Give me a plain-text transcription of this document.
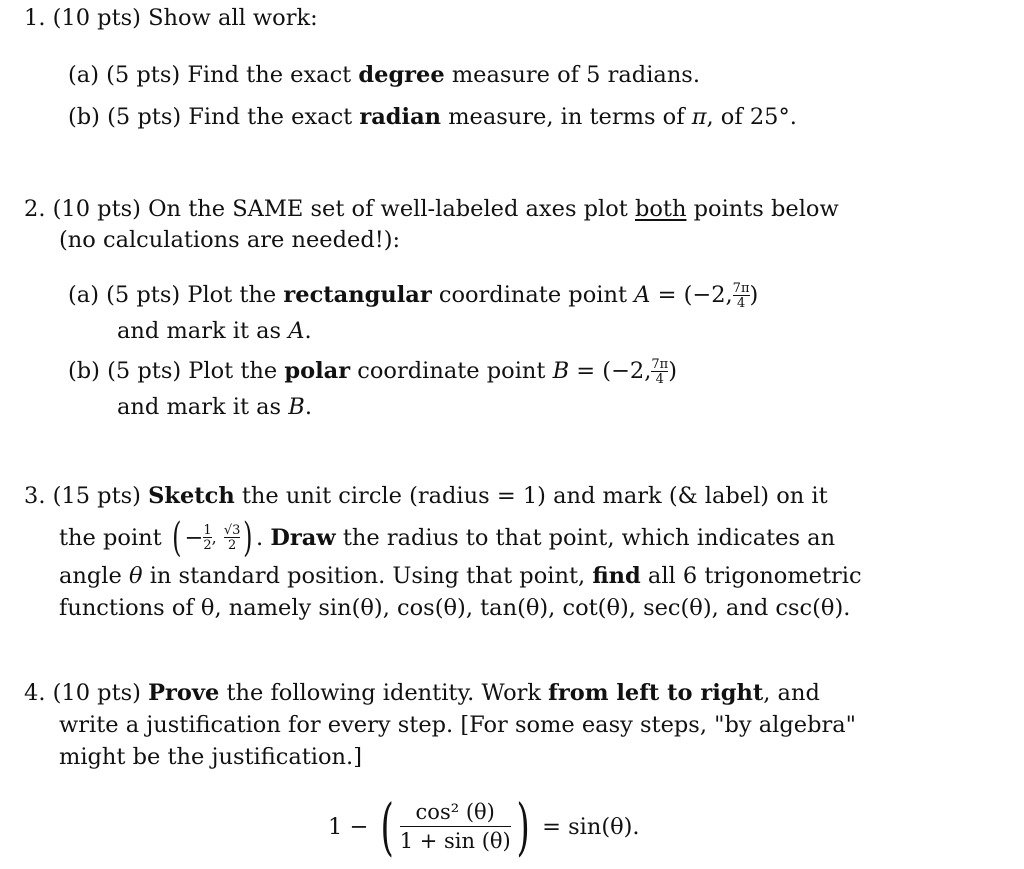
1. (10 pts) Show all work:
(a) (5 pts) Find the exact degree measure of 5 radians.
(b) (5 pts) Find the exact radian measure, in terms of π, of 25°.
2. (10 pts) On the SAME set of well-labeled axes plot both points below
(no calculations are needed!):
(a) (5 pts) Plot the rectangular coordinate point A = (−2, $\frac{7\pi}{4}$ )
and mark it as A.
(b) (5 pts) Plot the polar coordinate point B = (−2, $\frac{7\pi}{4}$ )
and mark it as B.
3. (15 pts) Sketch the unit circle (radius = 1) and mark (& label) on it
the point ( − $\frac{1}{2}$ , $\frac{√3}{2}$ ) . Draw the radius to that point, which indicates an
angle θ in standard position. Using that point, find all 6 trigonometric
functions of θ, namely sin(θ), cos(θ), tan(θ), cot(θ), sec(θ), and csc(θ).
4. (10 pts) Prove the following identity. Work from left to right, and
write a justification for every step. [For some easy steps, "by algebra"
might be the justification.]
1 − ( $\frac{\text{cos² (θ)}}{1 + \sin (\theta)}$ ) = sin(θ).
